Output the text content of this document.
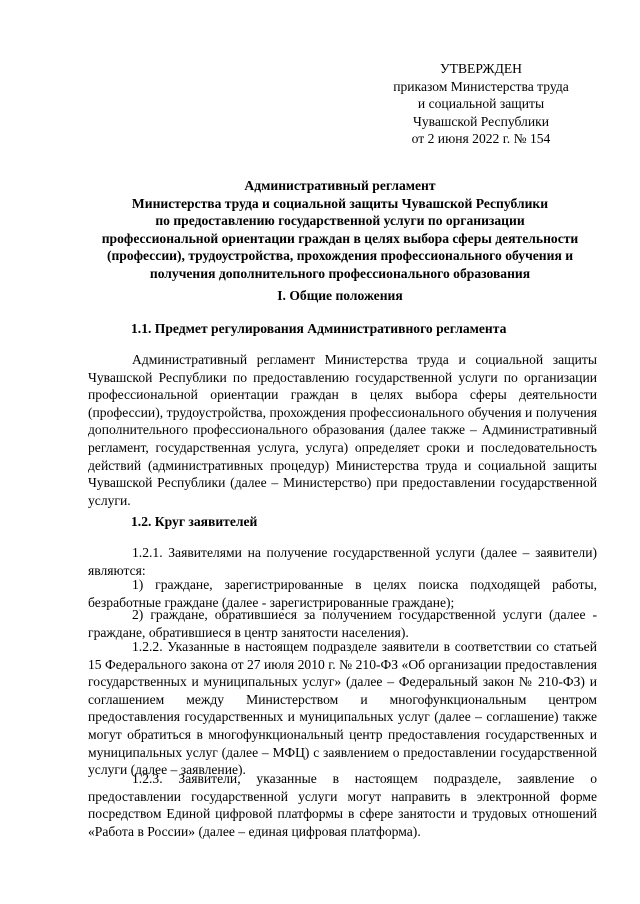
УТВЕРЖДЕН
приказом Министерства труда
и социальной защиты
Чувашской Республики
от 2 июня 2022 г. № 154
Административный регламент
Министерства труда и социальной защиты Чувашской Республики
по предоставлению государственной услуги по организации
профессиональной ориентации граждан в целях выбора сферы деятельности
(профессии), трудоустройства, прохождения профессионального обучения и
получения дополнительного профессионального образования
I. Общие положения
1.1. Предмет регулирования Административного регламента

Административный регламент Министерства труда и социальной защиты Чувашской Республики по предоставлению государственной услуги по организации профессиональной ориентации граждан в целях выбора сферы деятельности (профессии), трудоустройства, прохождения профессионального обучения и получения дополнительного профессионального образования (далее также – Административный регламент, государственная услуга, услуга) определяет сроки и последовательность действий (административных процедур) Министерства труда и социальной защиты Чувашской Республики (далее – Министерство) при предоставлении государственной услуги.

1.2. Круг заявителей

1.2.1. Заявителями на получение государственной услуги (далее – заявители) являются:

1) граждане, зарегистрированные в целях поиска подходящей работы, безработные граждане (далее - зарегистрированные граждане);

2) граждане, обратившиеся за получением государственной услуги (далее - граждане, обратившиеся в центр занятости населения).

1.2.2. Указанные в настоящем подразделе заявители в соответствии со статьей 15 Федерального закона от 27 июля 2010 г. № 210-ФЗ «Об организации предоставления государственных и муниципальных услуг» (далее – Федеральный закон № 210-ФЗ) и соглашением между Министерством и многофункциональным центром предоставления государственных и муниципальных услуг (далее – соглашение) также могут обратиться в многофункциональный центр предоставления государственных и муниципальных услуг (далее – МФЦ) с заявлением о предоставлении государственной услуги (далее – заявление).

1.2.3. Заявители, указанные в настоящем подразделе, заявление о предоставлении государственной услуги могут направить в электронной форме посредством Единой цифровой платформы в сфере занятости и трудовых отношений «Работа в России» (далее – единая цифровая платформа).
